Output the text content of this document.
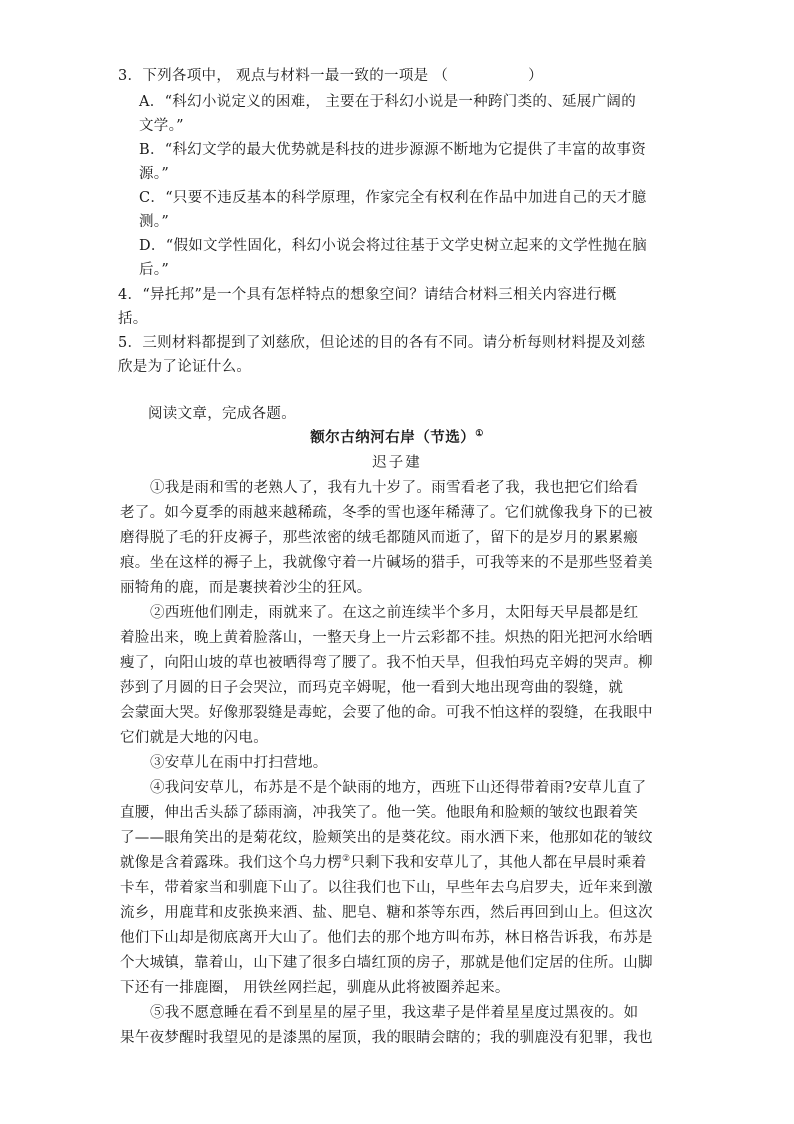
3．下列各项中， 观点与材料一最一致的一项是 （	）
A．“科幻小说定义的困难， 主要在于科幻小说是一种跨门类的、延展广阔的
文学。”
B．“科幻文学的最大优势就是科技的进步源源不断地为它提供了丰富的故事资
源。”
C．“只要不违反基本的科学原理，作家完全有权利在作品中加进自己的天才臆
测。”
D．“假如文学性固化，科幻小说会将过往基于文学史树立起来的文学性抛在脑
后。”
4．“异托邦”是一个具有怎样特点的想象空间？请结合材料三相关内容进行概
括。
5．三则材料都提到了刘慈欣，但论述的目的各有不同。请分析每则材料提及刘慈
欣是为了论证什么。
阅读文章，完成各题。
额尔古纳河右岸（节选）①
迟子建
①我是雨和雪的老熟人了，我有九十岁了。雨雪看老了我，我也把它们给看
老了。如今夏季的雨越来越稀疏，冬季的雪也逐年稀薄了。它们就像我身下的已被
磨得脱了毛的犴皮褥子，那些浓密的绒毛都随风而逝了，留下的是岁月的累累瘢
痕。坐在这样的褥子上，我就像守着一片碱场的猎手，可我等来的不是那些竖着美
丽犄角的鹿，而是裹挟着沙尘的狂风。
②西班他们刚走，雨就来了。在这之前连续半个多月，太阳每天早晨都是红
着脸出来，晚上黄着脸落山，一整天身上一片云彩都不挂。炽热的阳光把河水给晒
瘦了，向阳山坡的草也被晒得弯了腰了。我不怕天旱，但我怕玛克辛姆的哭声。柳
莎到了月圆的日子会哭泣，而玛克辛姆呢，他一看到大地出现弯曲的裂缝，就
会蒙面大哭。好像那裂缝是毒蛇，会要了他的命。可我不怕这样的裂缝，在我眼中
它们就是大地的闪电。
③安草儿在雨中打扫营地。
④我问安草儿，布苏是不是个缺雨的地方，西班下山还得带着雨?安草儿直了
直腰，伸出舌头舔了舔雨滴，冲我笑了。他一笑。他眼角和脸颊的皱纹也跟着笑
了——眼角笑出的是菊花纹，脸颊笑出的是葵花纹。雨水洒下来，他那如花的皱纹
就像是含着露珠。我们这个乌力楞②只剩下我和安草儿了，其他人都在早晨时乘着
卡车，带着家当和驯鹿下山了。以往我们也下山，早些年去乌启罗夫，近年来到激
流乡，用鹿茸和皮张换来酒、盐、肥皂、糖和茶等东西，然后再回到山上。但这次
他们下山却是彻底离开大山了。他们去的那个地方叫布苏，林日格告诉我，布苏是
个大城镇，靠着山，山下建了很多白墙红顶的房子，那就是他们定居的住所。山脚
下还有一排鹿圈， 用铁丝网拦起，驯鹿从此将被圈养起来。
⑤我不愿意睡在看不到星星的屋子里，我这辈子是伴着星星度过黑夜的。如
果午夜梦醒时我望见的是漆黑的屋顶，我的眼睛会瞎的；我的驯鹿没有犯罪，我也
